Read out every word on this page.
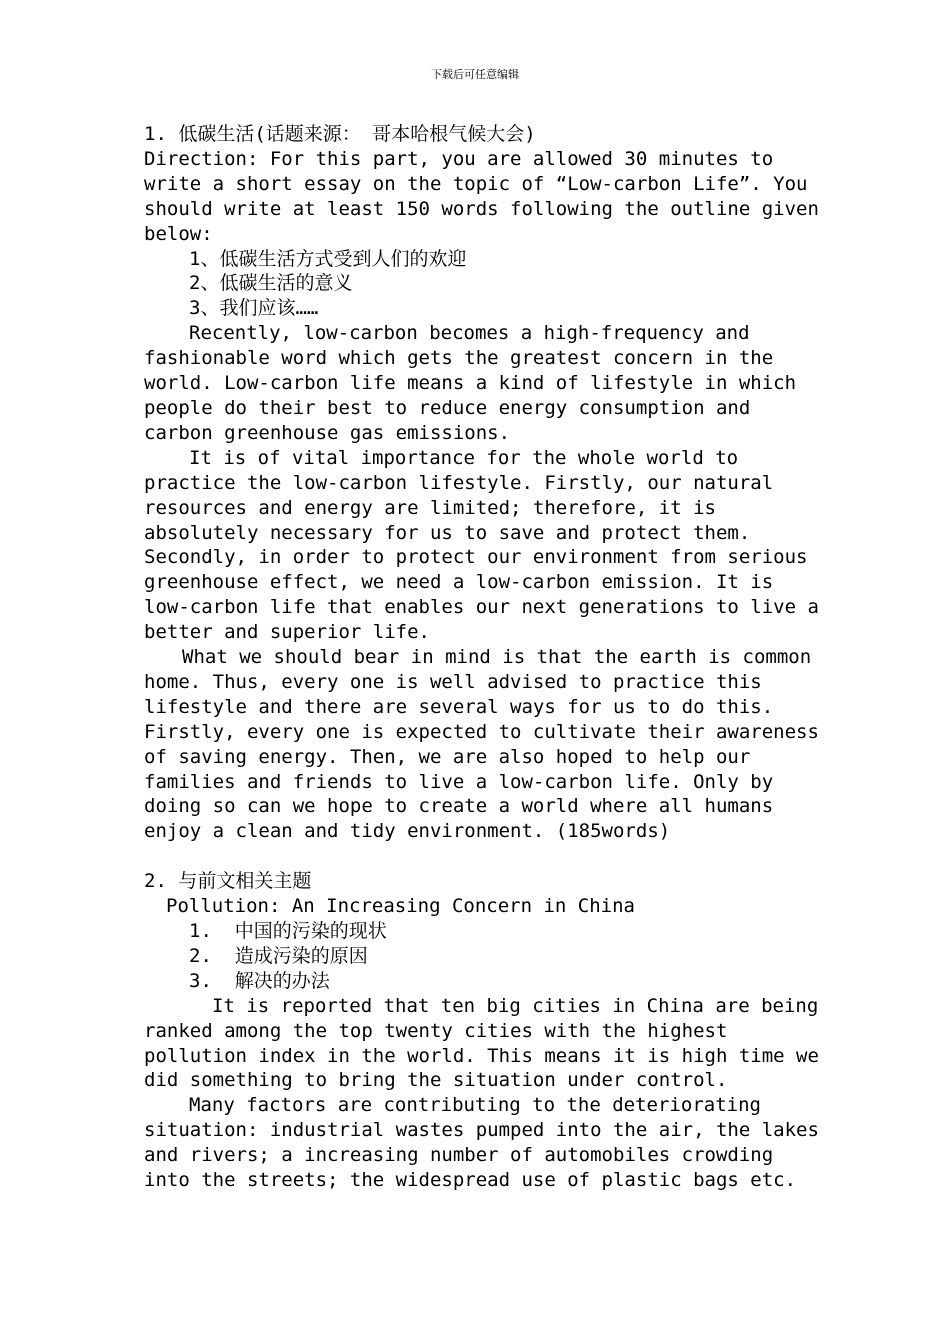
下载后可任意编辑
1. 低碳生活(话题来源： 哥本哈根气候大会)
Direction: For this part, you are allowed 30 minutes to write a short essay on the topic of “Low-carbon Life”. You should write at least 150 words following the outline given below:
1、低碳生活方式受到人们的欢迎
2、低碳生活的意义
3、我们应该……

Recently, low-carbon becomes a high-frequency and fashionable word which gets the greatest concern in the world. Low-carbon life means a kind of lifestyle in which people do their best to reduce energy consumption and carbon greenhouse gas emissions.

It is of vital importance for the whole world to practice the low-carbon lifestyle. Firstly, our natural resources and energy are limited; therefore, it is absolutely necessary for us to save and protect them. Secondly, in order to protect our environment from serious greenhouse effect, we need a low-carbon emission. It is low-carbon life that enables our next generations to live a better and superior life.

What we should bear in mind is that the earth is common home. Thus, every one is well advised to practice this lifestyle and there are several ways for us to do this. Firstly, every one is expected to cultivate their awareness of saving energy. Then, we are also hoped to help our families and friends to live a low-carbon life. Only by doing so can we hope to create a world where all humans enjoy a clean and tidy environment. (185words)

2. 与前文相关主题
Pollution: An Increasing Concern in China
1.  中国的污染的现状
2.  造成污染的原因
3.  解决的办法

It is reported that ten big cities in China are being ranked among the top twenty cities with the highest pollution index in the world. This means it is high time we did something to bring the situation under control.

Many factors are contributing to the deteriorating situation: industrial wastes pumped into the air, the lakes and rivers; a increasing number of automobiles crowding into the streets; the widespread use of plastic bags etc.
